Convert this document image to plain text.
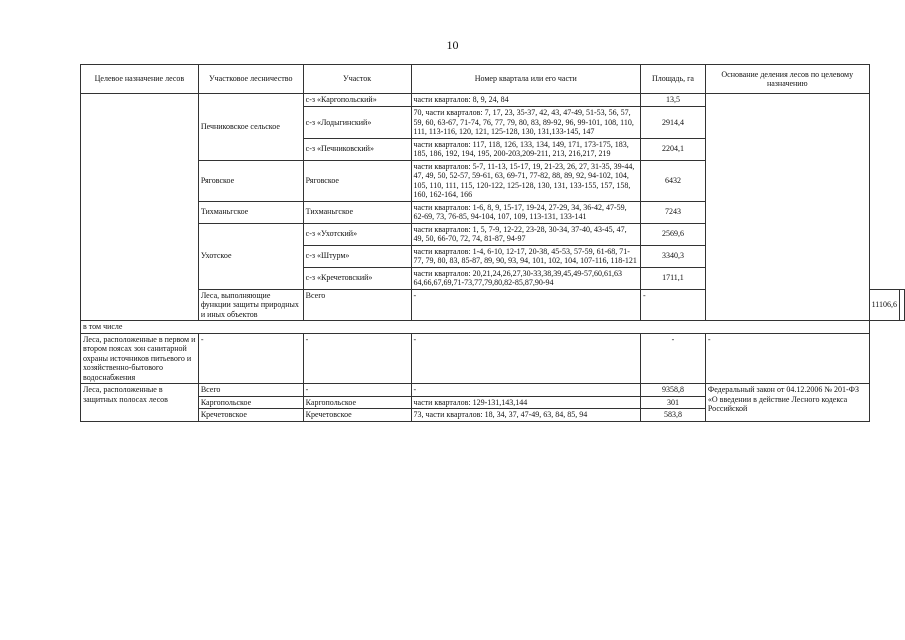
10
Целевое назначение лесов	Участковое лесничество	Участок	Номер квартала или его части	Площадь, га	Основание деления лесов по целевому назначению		
	Печниковское сельское	с-з «Каргопольский»	части кварталов: 8, 9, 24, 84	13,5			
		с-з «Лодыгинский»	70, части кварталов: 7, 17, 23, 35-37, 42, 43, 47-49, 51-53, 56, 57, 59, 60, 63-67, 71-74, 76, 77, 79, 80, 83, 89-92, 96, 99-101, 108, 110, 111, 113-116, 120, 121, 125-128, 130, 131,133-145, 147	2914,4			
		с-з «Печниковский»	части кварталов: 117, 118, 126, 133, 134, 149, 171, 173-175, 183, 185, 186, 192, 194, 195, 200-203,209-211, 213, 216,217, 219	2204,1			
	Ряговское	Ряговское	части кварталов: 5-7, 11-13, 15-17, 19, 21-23, 26, 27, 31-35, 39-44, 47, 49, 50, 52-57, 59-61, 63, 69-71, 77-82, 88, 89, 92, 94-102, 104, 105, 110, 111, 115, 120-122, 125-128, 130, 131, 133-155, 157, 158, 160, 162-164, 166	6432			
	Тихманьгское	Тихманьгское	части кварталов: 1-6, 8, 9, 15-17, 19-24, 27-29, 34, 36-42, 47-59, 62-69, 73, 76-85, 94-104, 107, 109, 113-131, 133-141	7243			
	Ухотское	с-з «Ухотский»	части кварталов: 1, 5, 7-9, 12-22, 23-28, 30-34, 37-40, 43-45, 47, 49, 50, 66-70, 72, 74, 81-87, 94-97	2569,6			
		с-з «Штурм»	части кварталов: 1-4, 6-10, 12-17, 20-38, 45-53, 57-59, 61-68, 71-77, 79, 80, 83, 85-87, 89, 90, 93, 94, 101, 102, 104, 107-116, 118-121	3340,3			
		с-з «Кречетовский»	части кварталов: 20,21,24,26,27,30-33,38,39,45,49-57,60,61,63 64,66,67,69,71-73,77,79,80,82-85,87,90-94	1711,1			
	Леса, выполняющие функции защиты природных и иных объектов	Всего	-	-		11106,6	
в том числе							
Леса, расположенные в первом и втором поясах зон санитарной охраны источников питьевого и хозяйственно-бытового водоснабжения	-	-	-	-	-		
Леса, расположенные в защитных полосах лесов	Всего	-	-	9358,8	Федеральный закон от 04.12.2006 № 201-ФЗ «О введении в действие Лесного кодекса Российской		
	Каргопольское	Каргопольское	части кварталов: 129-131,143,144	301			
	Кречетовское	Кречетовское	73, части кварталов: 18, 34, 37, 47-49, 63, 84, 85, 94	583,8			
